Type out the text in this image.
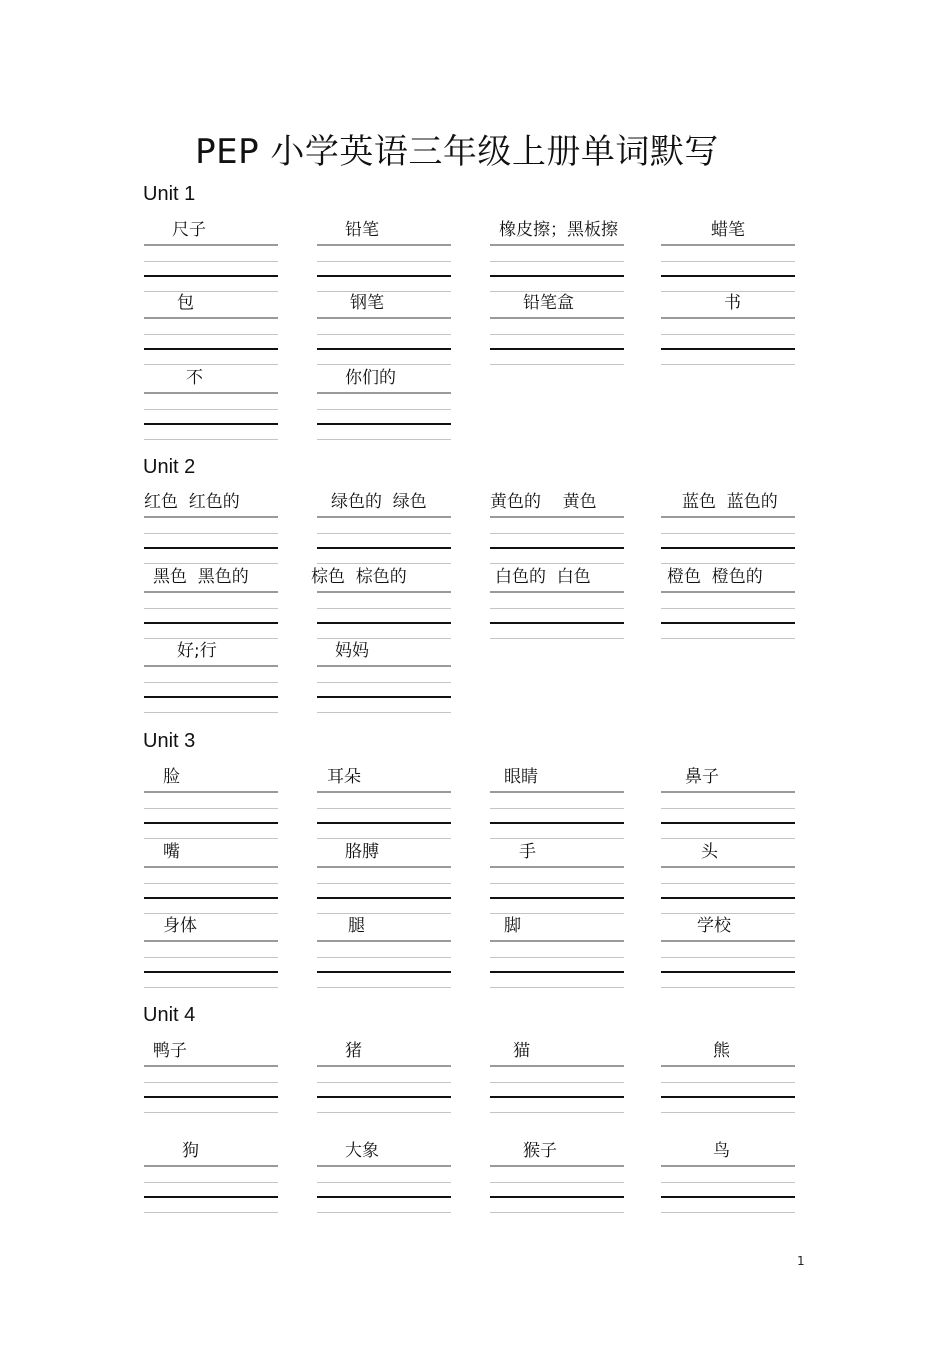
PEP 小学英语三年级上册单词默写
Unit 1
尺子	铅笔	橡皮擦；黑板擦	蜡笔
包	钢笔	铅笔盒	书
不	你们的
Unit 2
红色  红色的	绿色的  绿色	黄色的    黄色	蓝色  蓝色的
黑色  黑色的	棕色  棕色的	白色的  白色	橙色  橙色的
好;行	妈妈
Unit 3
脸	耳朵	眼睛	鼻子
嘴	胳膊	手	头
身体	腿	脚	学校
Unit 4
鸭子	猪	猫	熊
狗	大象	猴子	鸟
1
